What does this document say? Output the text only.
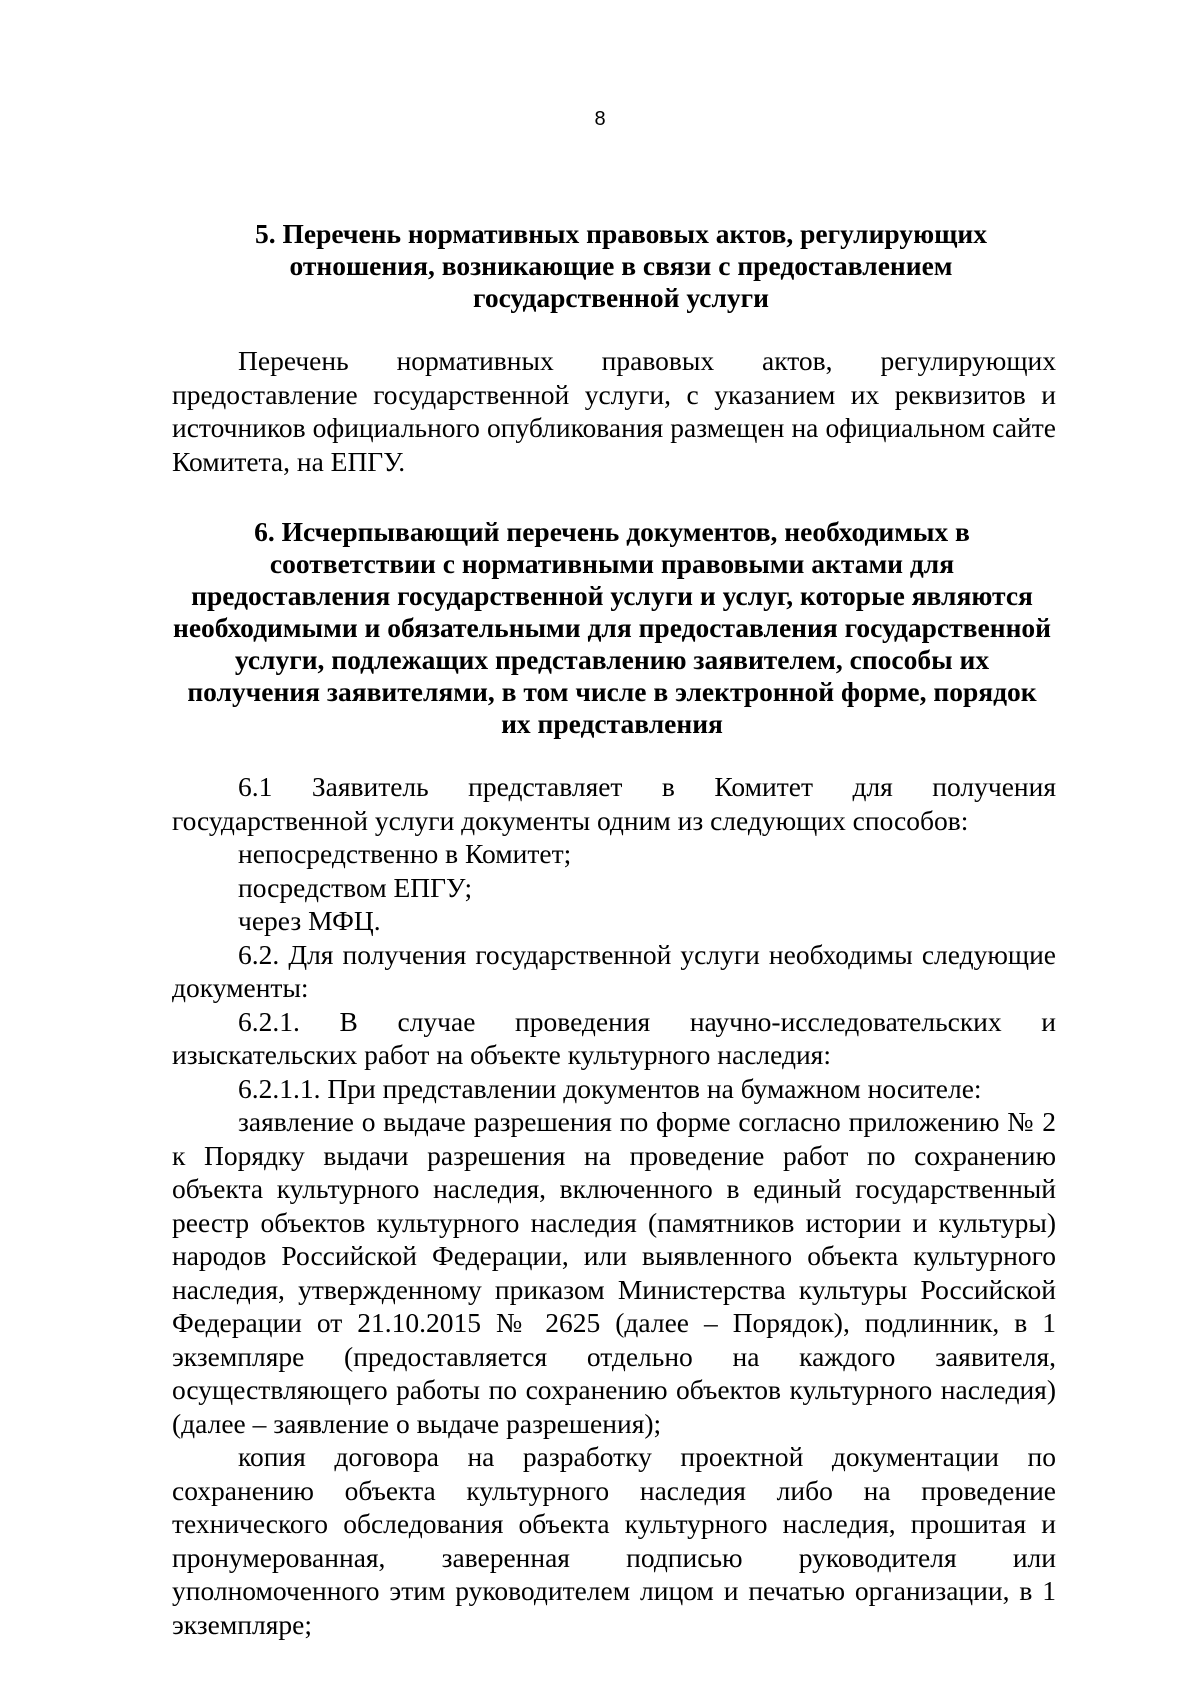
8
5. Перечень нормативных правовых актов, регулирующих отношения, возникающие в связи с предоставлением государственной услуги

Перечень нормативных правовых актов, регулирующих предоставление государственной услуги, с указанием их реквизитов и источников официального опубликования размещен на официальном сайте Комитета, на ЕПГУ.

6. Исчерпывающий перечень документов, необходимых в соответствии с нормативными правовыми актами для предоставления государственной услуги и услуг, которые являются необходимыми и обязательными для предоставления государственной услуги, подлежащих представлению заявителем, способы их получения заявителями, в том числе в электронной форме, порядок их представления

6.1 Заявитель представляет в Комитет для получения государственной услуги документы одним из следующих способов:

непосредственно в Комитет;

посредством ЕПГУ;

через МФЦ.

6.2. Для получения государственной услуги необходимы следующие документы:

6.2.1. В случае проведения научно-исследовательских и изыскательских работ на объекте культурного наследия:

6.2.1.1. При представлении документов на бумажном носителе:

заявление о выдаче разрешения по форме согласно приложению № 2 к Порядку выдачи разрешения на проведение работ по сохранению объекта культурного наследия, включенного в единый государственный реестр объектов культурного наследия (памятников истории и культуры) народов Российской Федерации, или выявленного объекта культурного наследия, утвержденному приказом Министерства культуры Российской Федерации от 21.10.2015 № 2625 (далее – Порядок), подлинник, в 1 экземпляре (предоставляется отдельно на каждого заявителя, осуществляющего работы по сохранению объектов культурного наследия) (далее – заявление о выдаче разрешения);

копия договора на разработку проектной документации по сохранению объекта культурного наследия либо на проведение технического обследования объекта культурного наследия, прошитая и пронумерованная, заверенная подписью руководителя или уполномоченного этим руководителем лицом и печатью организации, в 1 экземпляре;
